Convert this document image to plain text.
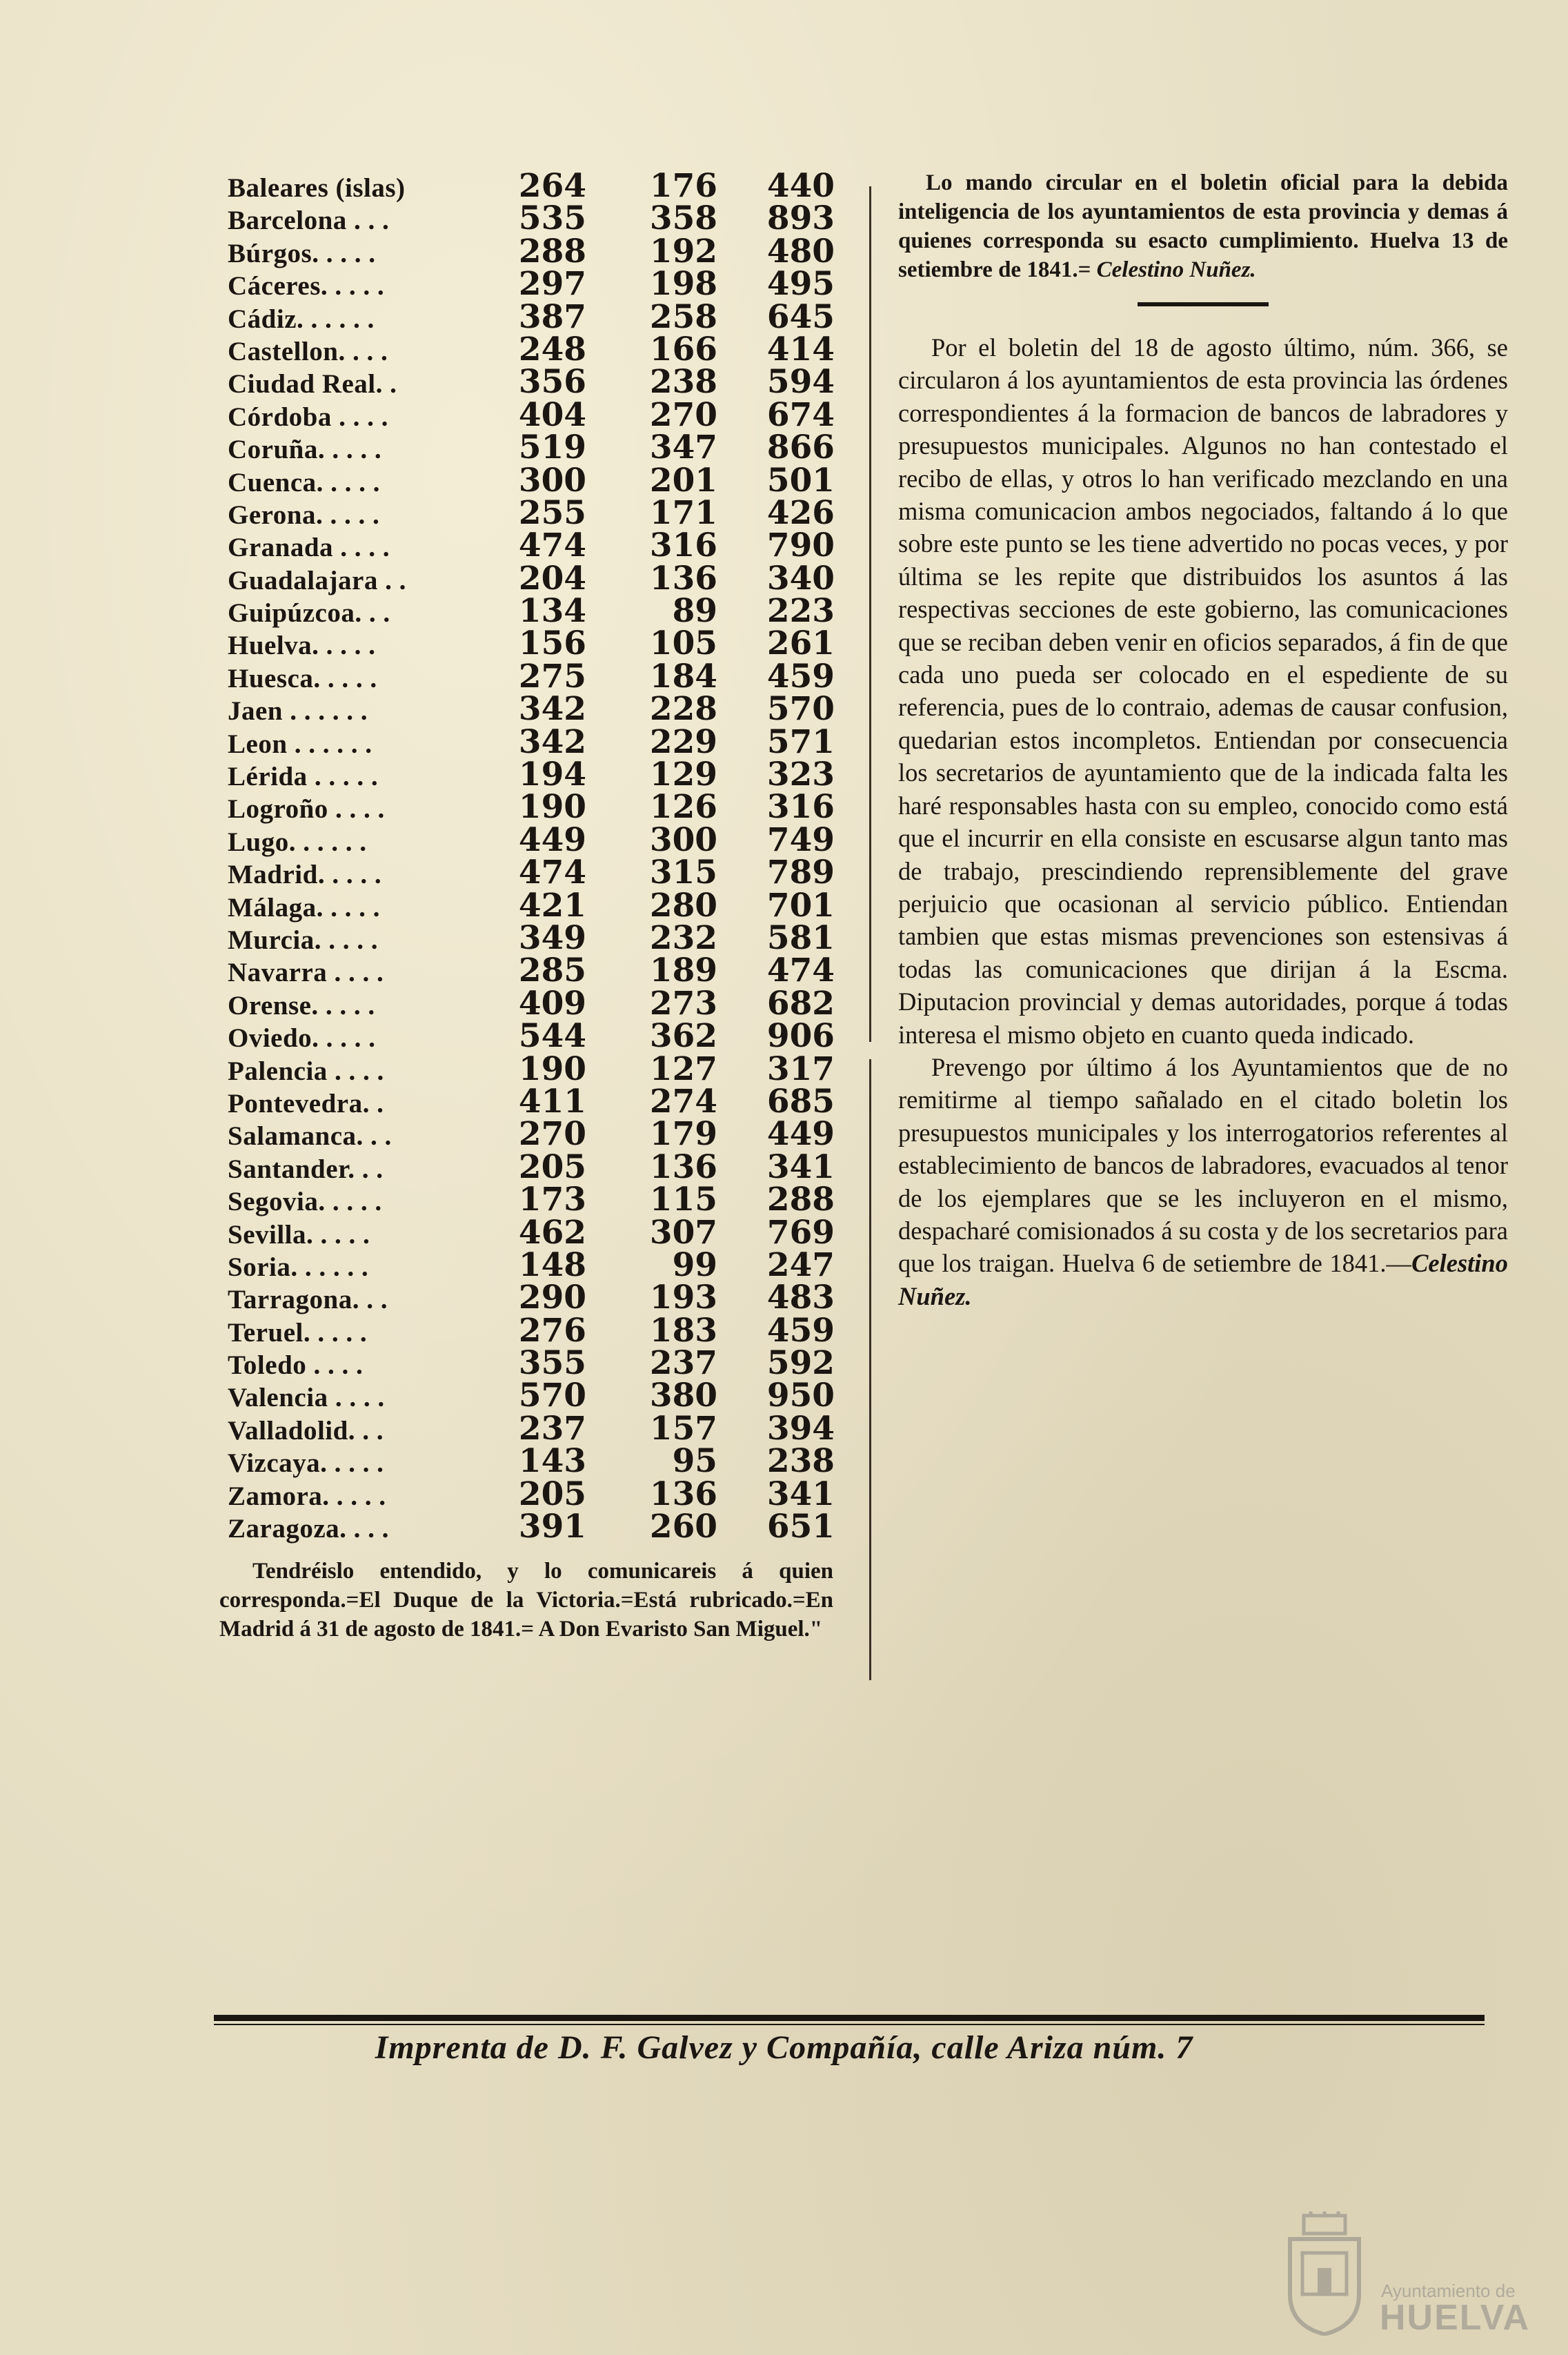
Baleares (islas)	264	176	440
Barcelona . . .	535	358	893
Búrgos. . . . .	288	192	480
Cáceres. . . . .	297	198	495
Cádiz. . . . . .	387	258	645
Castellon. . . .	248	166	414
Ciudad Real. .	356	238	594
Córdoba . . . .	404	270	674
Coruña. . . . .	519	347	866
Cuenca. . . . .	300	201	501
Gerona. . . . .	255	171	426
Granada . . . .	474	316	790
Guadalajara . .	204	136	340
Guipúzcoa. . .	134	89	223
Huelva. . . . .	156	105	261
Huesca. . . . .	275	184	459
Jaen . . . . . .	342	228	570
Leon . . . . . .	342	229	571
Lérida . . . . .	194	129	323
Logroño . . . .	190	126	316
Lugo. . . . . .	449	300	749
Madrid. . . . .	474	315	789
Málaga. . . . .	421	280	701
Murcia. . . . .	349	232	581
Navarra . . . .	285	189	474
Orense. . . . .	409	273	682
Oviedo. . . . .	544	362	906
Palencia . . . .	190	127	317
Pontevedra. .	411	274	685
Salamanca. . .	270	179	449
Santander. . .	205	136	341
Segovia. . . . .	173	115	288
Sevilla. . . . .	462	307	769
Soria. . . . . .	148	99	247
Tarragona. . .	290	193	483
Teruel. . . . .	276	183	459
Toledo . . . .	355	237	592
Valencia . . . .	570	380	950
Valladolid. . .	237	157	394
Vizcaya. . . . .	143	95	238
Zamora. . . . .	205	136	341
Zaragoza. . . .	391	260	651
Tendréislo entendido, y lo comunicareis á quien corresponda.=El Duque de la Victoria.=Está rubricado.=En Madrid á 31 de agosto de 1841.= A Don Evaristo San Miguel."

Lo mando circular en el boletin oficial para la debida inteligencia de los ayuntamientos de esta provincia y demas á quienes corresponda su esacto cumplimiento. Huelva 13 de setiembre de 1841.= Celestino Nuñez.

Por el boletin del 18 de agosto último, núm. 366, se circularon á los ayuntamientos de esta provincia las órdenes correspondientes á la formacion de bancos de labradores y presupuestos municipales. Algunos no han contestado el recibo de ellas, y otros lo han verificado mezclando en una misma comunicacion ambos negociados, faltando á lo que sobre este punto se les tiene advertido no pocas veces, y por última se les repite que distribuidos los asuntos á las respectivas secciones de este gobierno, las comunicaciones que se reciban deben venir en oficios separados, á fin de que cada uno pueda ser colocado en el espediente de su referencia, pues de lo contraio, ademas de causar confusion, quedarian estos incompletos. Entiendan por consecuencia los secretarios de ayuntamiento que de la indicada falta les haré responsables hasta con su empleo, conocido como está que el incurrir en ella consiste en escusarse algun tanto mas de trabajo, prescindiendo reprensiblemente del grave perjuicio que ocasionan al servicio público. Entiendan tambien que estas mismas prevenciones son estensivas á todas las comunicaciones que dirijan á la Escma. Diputacion provincial y demas autoridades, porque á todas interesa el mismo objeto en cuanto queda indicado.

Prevengo por último á los Ayuntamientos que de no remitirme al tiempo sañalado en el citado boletin los presupuestos municipales y los interrogatorios referentes al establecimiento de bancos de labradores, evacuados al tenor de los ejemplares que se les incluyeron en el mismo, despacharé comisionados á su costa y de los secretarios para que los traigan. Huelva 6 de setiembre de 1841.—Celestino Nuñez.

Imprenta de D. F. Galvez y Compañía, calle Ariza núm. 7
Ayuntamiento de
HUELVA
